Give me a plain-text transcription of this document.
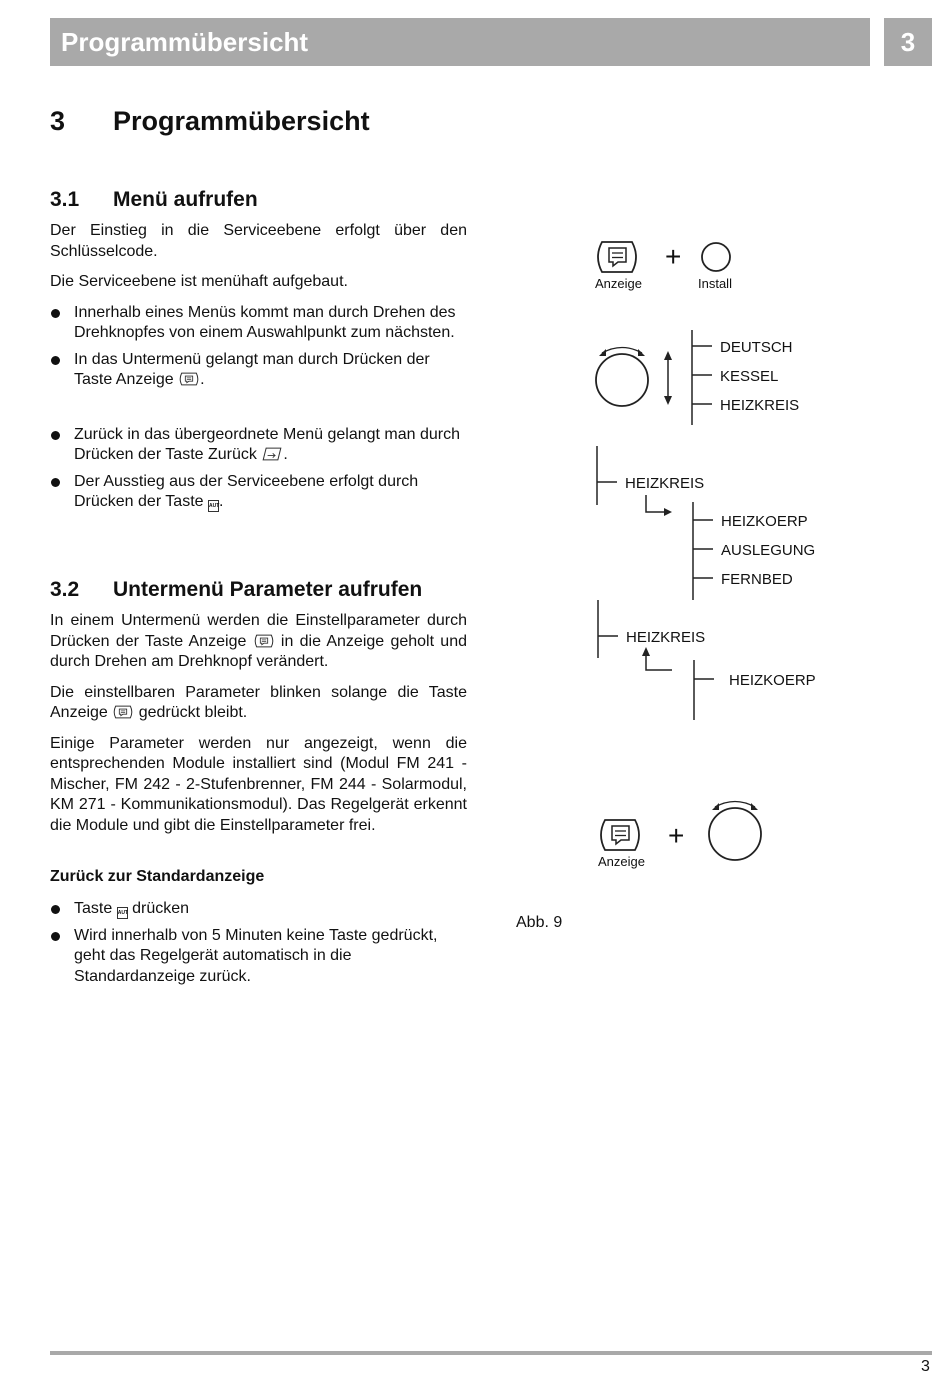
Programmübersicht	3
3 Programmübersicht
3.1 Menü aufrufen

Der Einstieg in die Serviceebene erfolgt über den Schlüsselcode.

Die Serviceebene ist menühaft aufgebaut.

Innerhalb eines Menüs kommt man durch Drehen des Drehknopfes von einem Auswahlpunkt zum nächsten.
In das Untermenü gelangt man durch Drücken der Taste Anzeige .
Zurück in das übergeordnete Menü gelangt man durch Drücken der Taste Zurück .
Der Ausstieg aus der Serviceebene erfolgt durch Drücken der Taste AUT.
3.2 Untermenü Parameter aufrufen

In einem Untermenü werden die Einstellparameter durch Drücken der Taste Anzeige in die Anzeige geholt und durch Drehen am Drehknopf verändert.

Die einstellbaren Parameter blinken solange die Taste Anzeige gedrückt bleibt.

Einige Parameter werden nur angezeigt, wenn die entsprechenden Module installiert sind (Modul FM 241 - Mischer, FM 242 - 2-Stufenbrenner, FM 244 - Solarmodul, KM 271 - Kommunikationsmodul). Das Regelgerät erkennt die Module und gibt die Einstellparameter frei.

Zurück zur Standardanzeige
Taste AUT drücken
Wird innerhalb von 5 Minuten keine Taste gedrückt, geht das Regelgerät automatisch in die Standardanzeige zurück.
Anzeige
+
Install
DEUTSCH
KESSEL
HEIZKREIS
HEIZKREIS
HEIZKOERP
AUSLEGUNG
FERNBED
HEIZKREIS
HEIZKOERP
Anzeige
+
Abb. 9
3
